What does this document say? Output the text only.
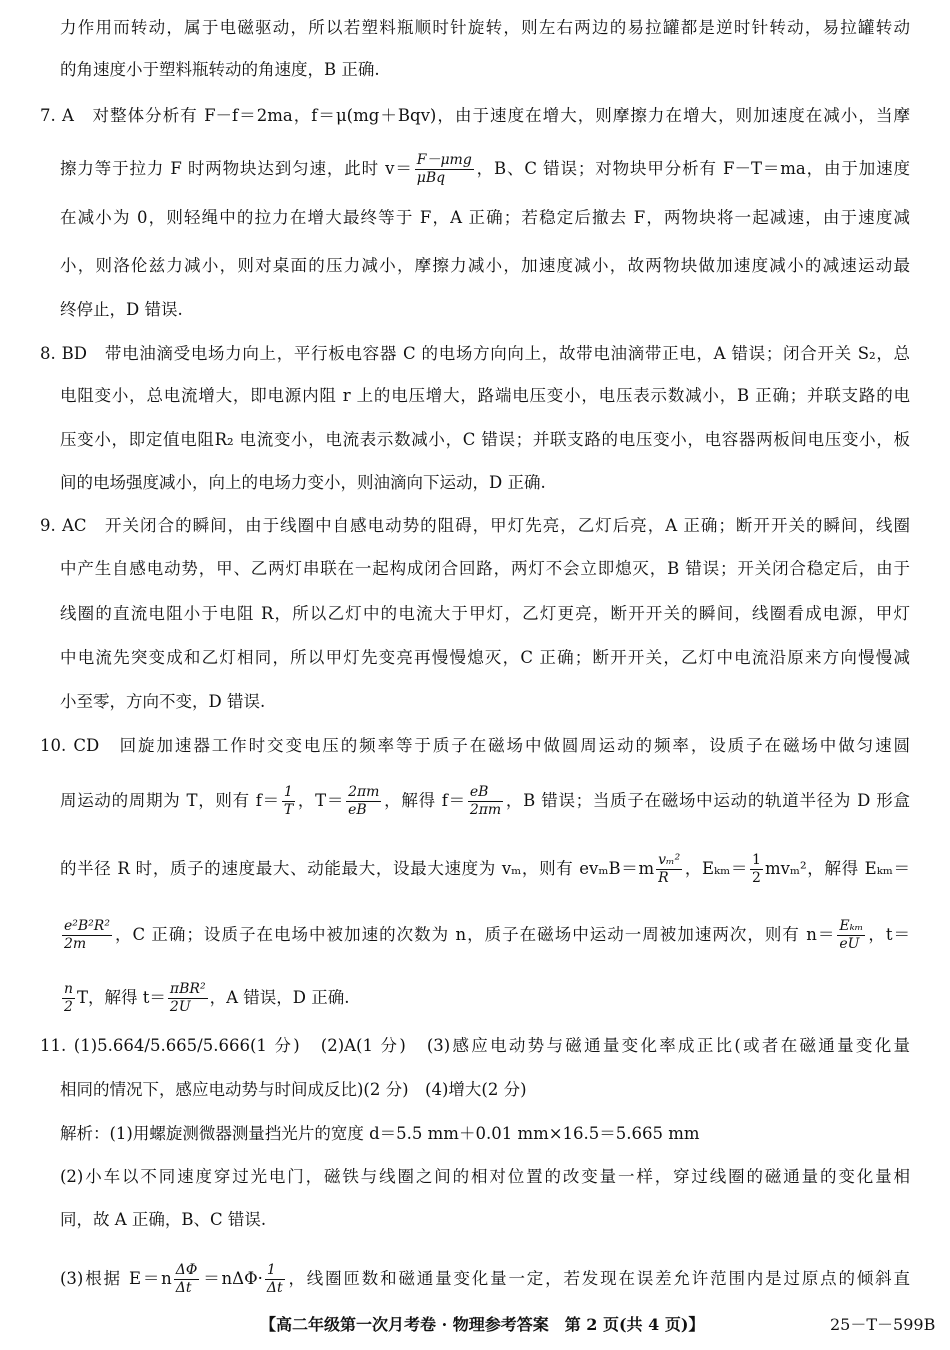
力作用而转动，属于电磁驱动，所以若塑料瓶顺时针旋转，则左右两边的易拉罐都是逆时针转动，易拉罐转动
的角速度小于塑料瓶转动的角速度，B 正确.
7. A　对整体分析有 F－f＝2ma，f＝μ(mg＋Bqv)，由于速度在增大，则摩擦力在增大，则加速度在减小，当摩
擦力等于拉力 F 时两物块达到匀速，此时 $v= \frac{\text{F－μmg}}{\text{μBq}}$ ，B、C 错误；对物块甲分析有 F－T＝ma，由于加速度
在减小为 0，则轻绳中的拉力在增大最终等于 F，A 正确；若稳定后撤去 F，两物块将一起减速，由于速度减
小，则洛伦兹力减小，则对桌面的压力减小，摩擦力减小，加速度减小，故两物块做加速度减小的减速运动最
终停止，D 错误.
8. BD　带电油滴受电场力向上，平行板电容器 C 的电场方向向上，故带电油滴带正电，A 错误；闭合开关 S₂，总
电阻变小，总电流增大，即电源内阻 r 上的电压增大，路端电压变小，电压表示数减小，B 正确；并联支路的电
压变小，即定值电阻R₂ 电流变小，电流表示数减小，C 错误；并联支路的电压变小，电容器两板间电压变小，板
间的电场强度减小，向上的电场力变小，则油滴向下运动，D 正确.
9. AC　开关闭合的瞬间，由于线圈中自感电动势的阻碍，甲灯先亮，乙灯后亮，A 正确；断开开关的瞬间，线圈
中产生自感电动势，甲、乙两灯串联在一起构成闭合回路，两灯不会立即熄灭，B 错误；开关闭合稳定后，由于
线圈的直流电阻小于电阻 R，所以乙灯中的电流大于甲灯，乙灯更亮，断开开关的瞬间，线圈看成电源，甲灯
中电流先突变成和乙灯相同，所以甲灯先变亮再慢慢熄灭，C 正确；断开开关，乙灯中电流沿原来方向慢慢减
小至零，方向不变，D 错误.
10. CD　回旋加速器工作时交变电压的频率等于质子在磁场中做圆周运动的频率，设质子在磁场中做匀速圆
周运动的周期为 T，则有 $f= \frac{1}{T}$ ，$T= \frac{2\pi m}{eB}$ ，解得 $f= \frac{eB}{2\pi m}$ ，B 错误；当质子在磁场中运动的轨道半径为 D 形盒
的半径 R 时，质子的速度最大、动能最大，设最大速度为 vₘ，则有 $ev_mB=m \frac{\text{vₘ²}}{R}$ ，$E_{km}= \frac{1}{2} mv_m^2$，解得 Eₖₘ＝
$\frac{\text{e²B²R²}}{2m}$ ，C 正确；设质子在电场中被加速的次数为 n，质子在磁场中运动一周被加速两次，则有 $n= \frac{\text{Eₖₘ}}{eU}$ ，t＝
$\frac{n}{2}$ T，解得 $t= \frac{\text{πBR²}}{2U}$ ，A 错误，D 正确.
11. (1)5.664/5.665/5.666(1 分)　(2)A(1 分)　(3)感应电动势与磁通量变化率成正比(或者在磁通量变化量
相同的情况下，感应电动势与时间成反比)(2 分)　(4)增大(2 分)
解析：(1)用螺旋测微器测量挡光片的宽度 d＝5.5 mm＋0.01 mm×16.5＝5.665 mm
(2)小车以不同速度穿过光电门，磁铁与线圈之间的相对位置的改变量一样，穿过线圈的磁通量的变化量相
同，故 A 正确，B、C 错误.
(3)根据 $E=n \frac{\Delta\Phi}{\Delta t} =n\Delta\Phi\cdot \frac{1}{\Delta t}$ ，线圈匝数和磁通量变化量一定，若发现在误差允许范围内是过原点的倾斜直
【高二年级第一次月考卷 · 物理参考答案　第 2 页(共 4 页)】	25－T－599B
